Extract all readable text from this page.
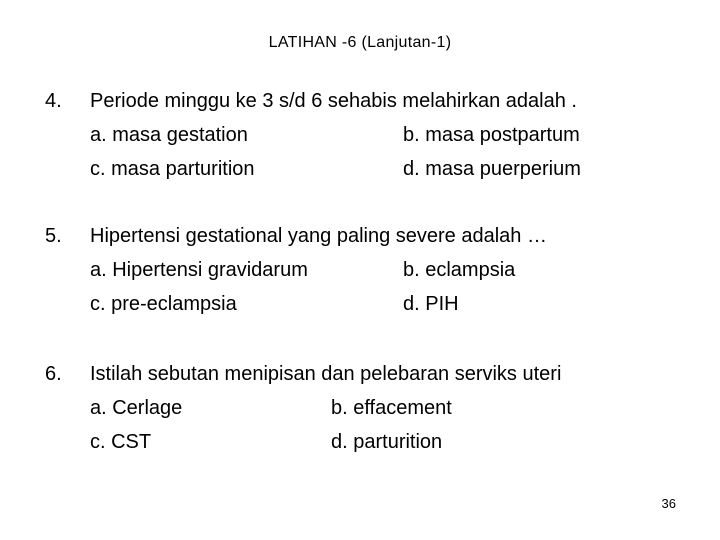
LATIHAN -6 (Lanjutan-1)
4. Periode minggu ke 3 s/d 6 sehabis melahirkan adalah .
a. masa gestation	b. masa postpartum
c. masa parturition	d. masa puerperium
5. Hipertensi gestational yang paling severe adalah …
a. Hipertensi gravidarum	b. eclampsia
c. pre-eclampsia	d. PIH
6. Istilah sebutan menipisan dan pelebaran serviks uteri
a. Cerlage	b. effacement
c. CST	d. parturition
36
